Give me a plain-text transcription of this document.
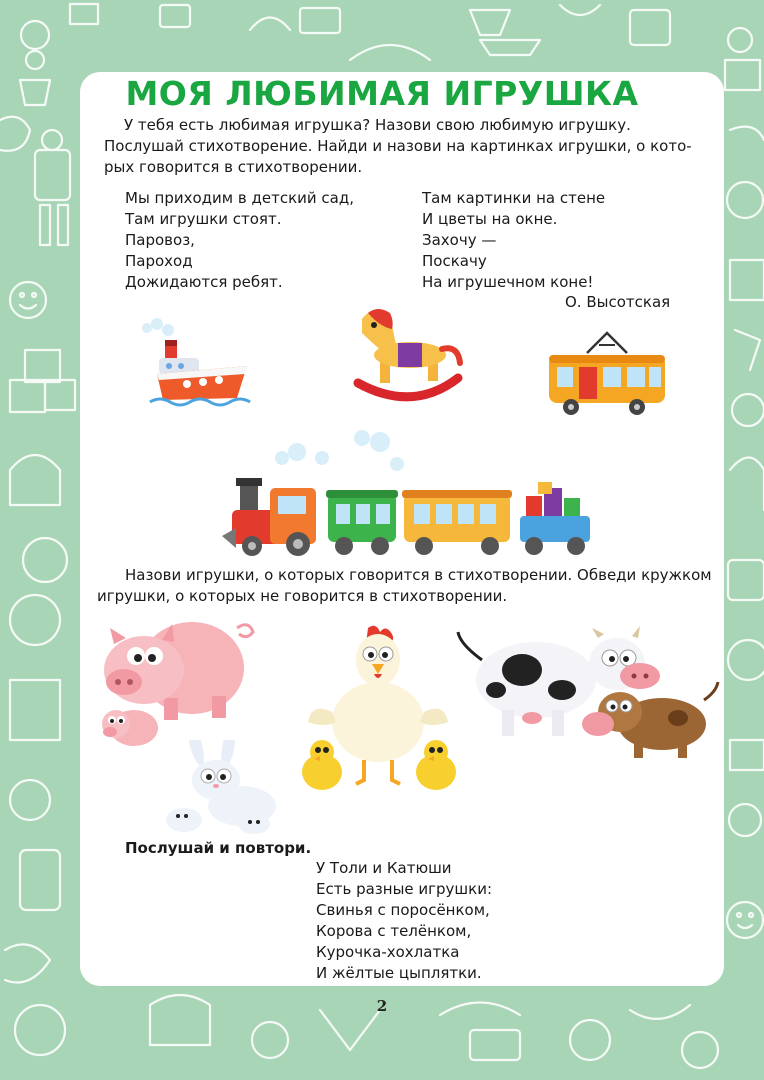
МОЯ ЛЮБИМАЯ ИГРУШКА
У тебя есть любимая игрушка? Назови свою любимую игрушку.
Послушай стихотворение. Найди и назови на картинках игрушки, о кото-
рых говорится в стихотворении.
Мы приходим в детский сад,
Там игрушки стоят.
Паровоз,
Пароход
Дожидаются ребят.
Там картинки на стене
И цветы на окне.
Захочу —
Поскачу
На игрушечном коне!
О. Высотская
Назови игрушки, о которых говорится в стихотворении. Обведи кружком
игрушки, о которых не говорится в стихотворении.
Послушай и повтори.
У Толи и Катюши
Есть разные игрушки:
Свинья с поросёнком,
Корова с телёнком,
Курочка-хохлатка
И жёлтые цыплятки.
2
